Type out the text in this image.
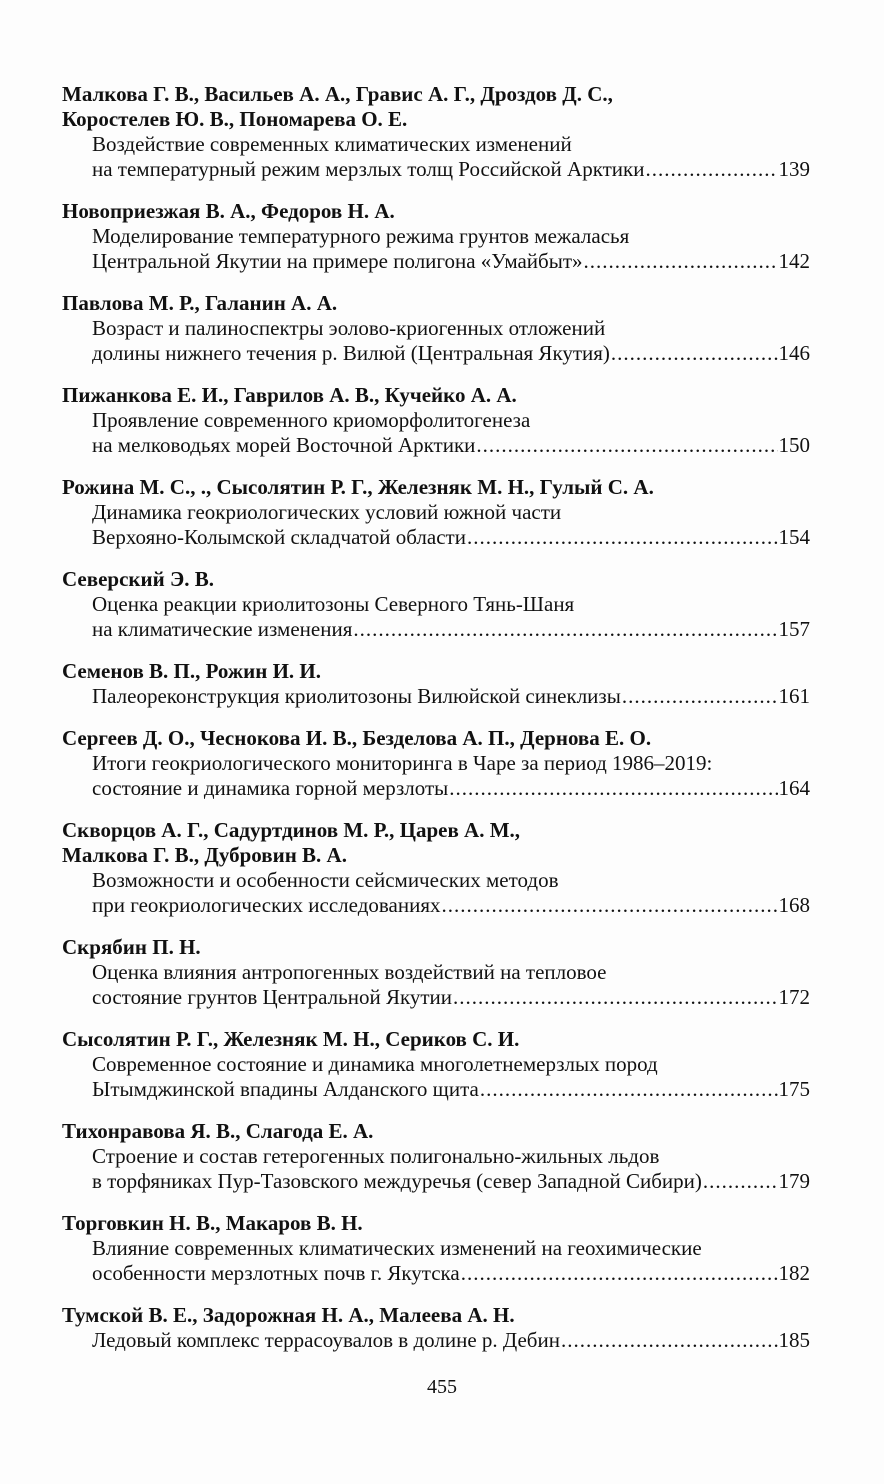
Малкова Г. В., Васильев А. А., Гравис А. Г., Дроздов Д. С.,
Коростелев Ю. В., Пономарева О. Е.
Воздействие современных климатических изменений
на температурный режим мерзлых толщ Российской Арктики .....	139
Новоприезжая В. А., Федоров Н. А.
Моделирование температурного режима грунтов межаласья
Центральной Якутии на примере полигона «Умайбыт» .....	142
Павлова М. Р., Галанин А. А.
Возраст и палиноспектры эолово-криогенных отложений
долины нижнего течения р. Вилюй (Центральная Якутия) .....	146
Пижанкова Е. И., Гаврилов А. В., Кучейко А. А.
Проявление современного криоморфолитогенеза
на мелководьях морей Восточной Арктики .....	150
Рожина М. С., ., Сысолятин Р. Г., Железняк М. Н., Гулый С. А.
Динамика геокриологических условий южной части
Верхояно-Колымской складчатой области .....	154
Северский Э. В.
Оценка реакции криолитозоны Северного Тянь-Шаня
на климатические изменения .....	157
Семенов В. П., Рожин И. И.
Палеореконструкция криолитозоны Вилюйской синеклизы .....	161
Сергеев Д. О., Чеснокова И. В., Безделова А. П., Дернова Е. О.
Итоги геокриологического мониторинга в Чаре за период 1986–2019:
состояние и динамика горной мерзлоты .....	164
Скворцов А. Г., Садуртдинов М. Р., Царев А. М.,
Малкова Г. В., Дубровин В. А.
Возможности и особенности сейсмических методов
при геокриологических исследованиях .....	168
Скрябин П. Н.
Оценка влияния антропогенных воздействий на тепловое
состояние грунтов Центральной Якутии .....	172
Сысолятин Р. Г., Железняк М. Н., Сериков С. И.
Современное состояние и динамика многолетнемерзлых пород
Ытымджинской впадины Алданского щита .....	175
Тихонравова Я. В., Слагода Е. А.
Строение и состав гетерогенных полигонально-жильных льдов
в торфяниках Пур-Тазовского междуречья (север Западной Сибири) .....	179
Торговкин Н. В., Макаров В. Н.
Влияние современных климатических изменений на геохимические
особенности мерзлотных почв г. Якутска .....	182
Тумской В. Е., Задорожная Н. А., Малеева А. Н.
Ледовый комплекс террасоувалов в долине р. Дебин .....	185
455
